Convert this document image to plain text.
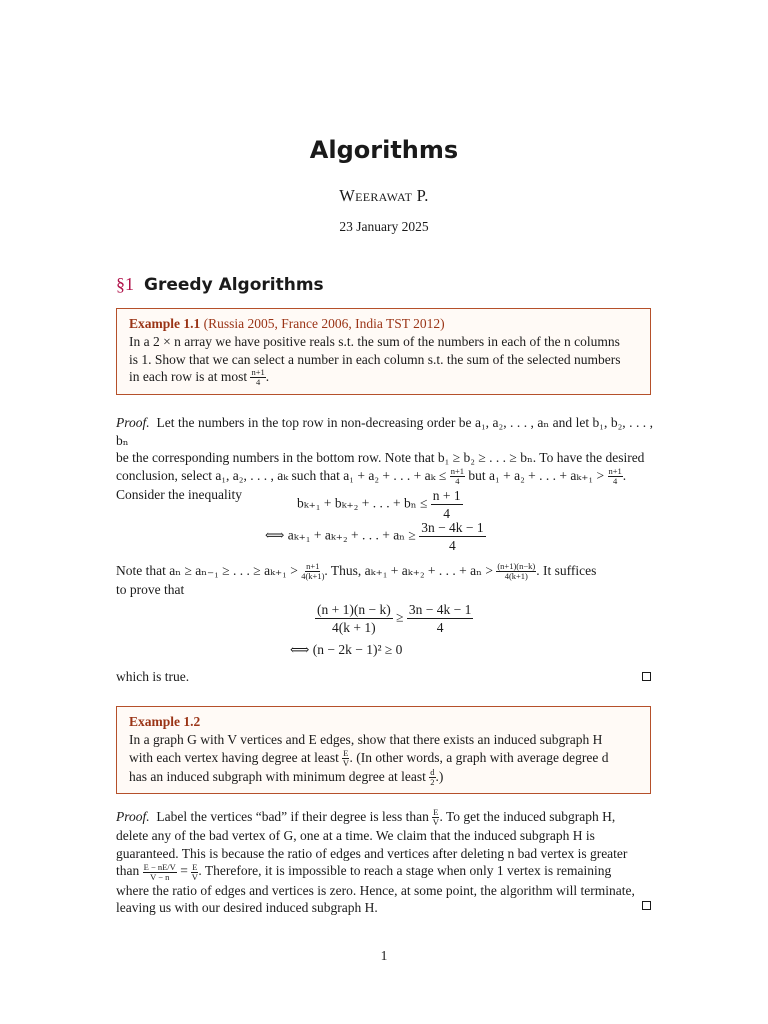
Algorithms
Weerawat P.
23 January 2025
§1 Greedy Algorithms
Example 1.1 (Russia 2005, France 2006, India TST 2012)
In a 2 × n array we have positive reals s.t. the sum of the numbers in each of the n columns
is 1. Show that we can select a number in each column s.t. the sum of the selected numbers
in each row is at most $\frac{n+1}{4}$ .
Proof. Let the numbers in the top row in non-decreasing order be a₁, a₂, . . . , aₙ and let b₁, b₂, . . . , bₙ
be the corresponding numbers in the bottom row. Note that b₁ ≥ b₂ ≥ . . . ≥ bₙ. To have the desired
conclusion, select a₁, a₂, . . . , aₖ such that a₁ + a₂ + . . . + $a_k \le \frac{n+1}{4}$ but a₁ + a₂ + . . . + $a_{k+1} > \frac{n+1}{4}$ .
Consider the inequality
bₖ₊₁ + bₖ₊₂ + . . . + $b_n \le \frac{n + 1}{4}$
⟺ aₖ₊₁ + aₖ₊₂ + . . . + $a_n \ge \frac{3n - 4k - 1}{4}$
Note that aₙ ≥ aₙ₋₁ ≥ . . . ≥ $a_{k+1} > \frac{n+1}{4(k+1)}$ . Thus, aₖ₊₁ + aₖ₊₂ + . . . + $a_n > \frac{(n+1)(n-k)}{4(k+1)}$ . It suffices
to prove that
$\frac{(n + 1)(n - k)}{4(k + 1)} \ge \frac{3n - 4k - 1}{4}$
⟺ (n − 2k − 1)² ≥ 0
which is true.
Example 1.2
In a graph G with V vertices and E edges, show that there exists an induced subgraph H
with each vertex having degree at least $\frac{E}{V}$ . (In other words, a graph with average degree d
has an induced subgraph with minimum degree at least $\frac{d}{2}$ .)
Proof. Label the vertices “bad” if their degree is less than $\frac{E}{V}$ . To get the induced subgraph H,
delete any of the bad vertex of G, one at a time. We claim that the induced subgraph H is
guaranteed. This is because the ratio of edges and vertices after deleting n bad vertex is greater
than $\frac{E - nE/V}{V - n} = \frac{E}{V}$ . Therefore, it is impossible to reach a stage when only 1 vertex is remaining
where the ratio of edges and vertices is zero. Hence, at some point, the algorithm will terminate,
leaving us with our desired induced subgraph H.
1
